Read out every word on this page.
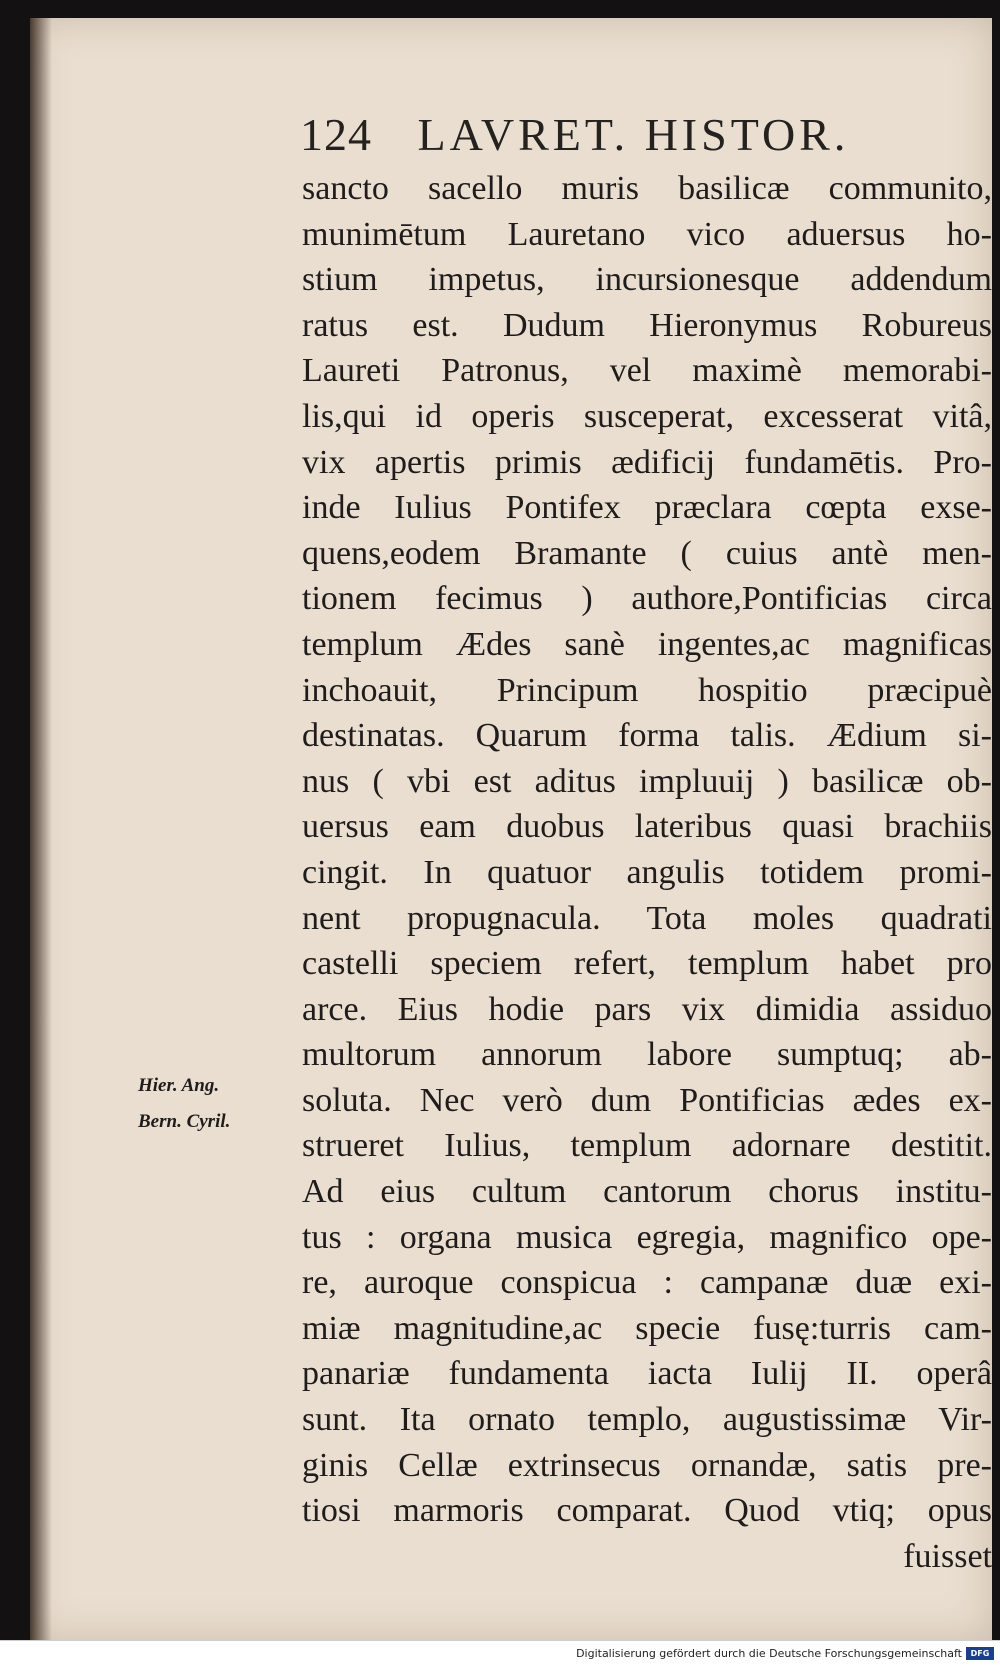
124 LAVRET. HISTOR.
sancto sacello muris basilicæ communito,
munimētum Lauretano vico aduersus ho-
stium impetus, incursionesque addendum
ratus est. Dudum Hieronymus Robureus
Laureti Patronus, vel maximè memorabi-
lis,qui id operis susceperat, excesserat vitâ,
vix apertis primis ædificij fundamētis. Pro-
inde Iulius Pontifex præclara cœpta exse-
quens,eodem Bramante ( cuius antè men-
tionem fecimus ) authore,Pontificias circa
templum Ædes sanè ingentes,ac magnificas
inchoauit, Principum hospitio præcipuè
destinatas. Quarum forma talis. Ædium si-
nus ( vbi est aditus impluuij ) basilicæ ob-
uersus eam duobus lateribus quasi brachiis
cingit. In quatuor angulis totidem promi-
nent propugnacula. Tota moles quadrati
castelli speciem refert, templum habet pro
arce. Eius hodie pars vix dimidia assiduo
multorum annorum labore sumptuq; ab-
soluta. Nec verò dum Pontificias ædes ex-
strueret Iulius, templum adornare destitit.
Ad eius cultum cantorum chorus institu-
tus : organa musica egregia, magnifico ope-
re, auroque conspicua : campanæ duæ exi-
miæ magnitudine,ac specie fusę:turris cam-
panariæ fundamenta iacta Iulij II. operâ
sunt. Ita ornato templo, augustissimæ Vir-
ginis Cellæ extrinsecus ornandæ, satis pre-
tiosi marmoris comparat. Quod vtiq; opus
fuisset
Hier. Ang.
Bern. Cyril.
Digitalisierung gefördert durch die Deutsche Forschungsgemeinschaft	DFG
